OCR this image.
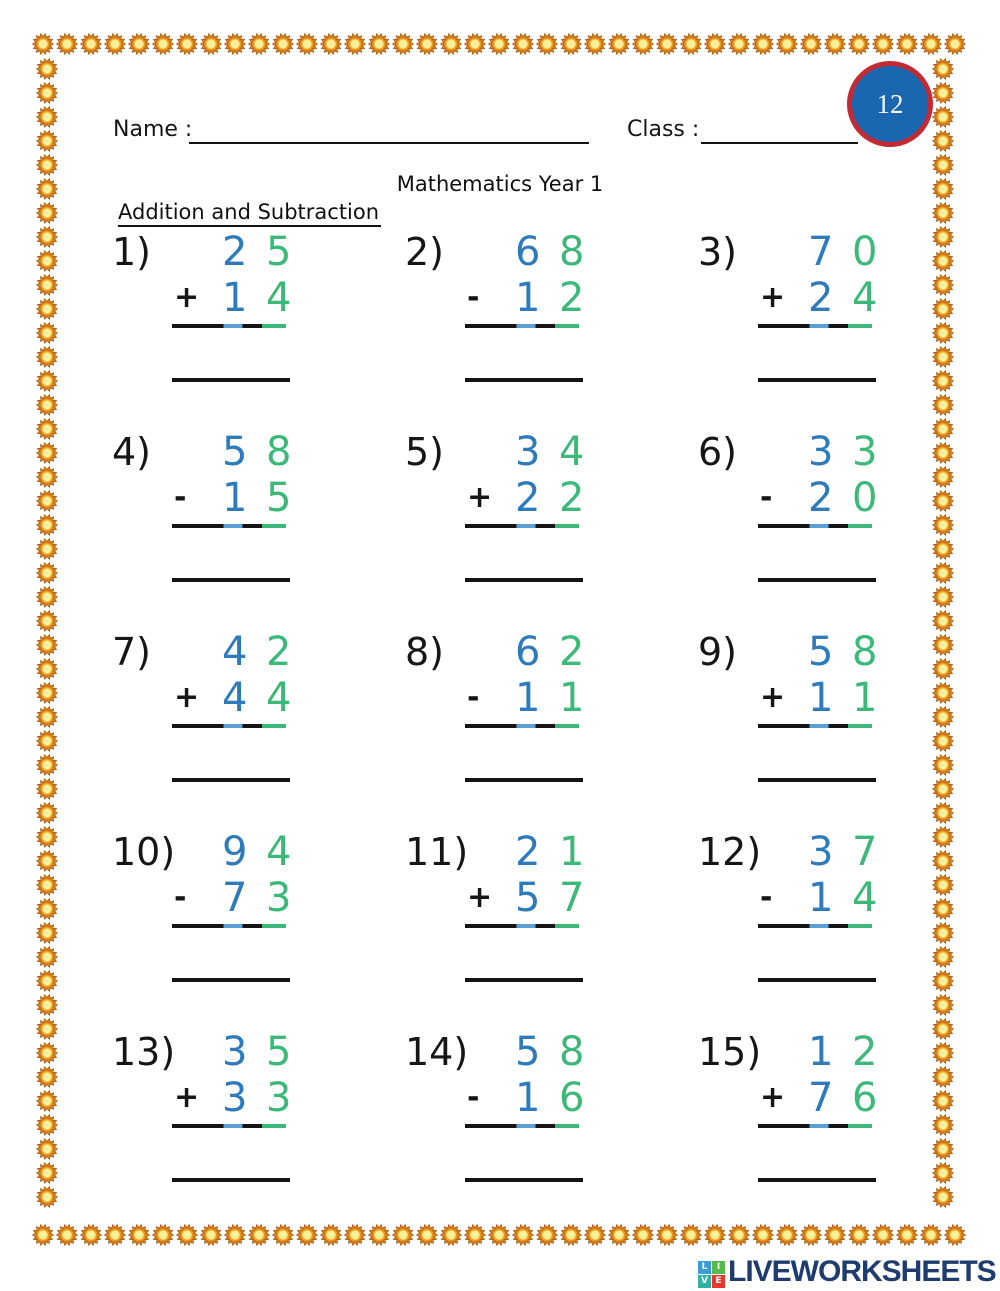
Name :	Class :
12
Mathematics Year 1
Addition and Subtraction
1) 2 5
+ 1 4
2) 6 8
- 1 2
3) 7 0
+ 2 4
4) 5 8
- 1 5
5) 3 4
+ 2 2
6) 3 3
- 2 0
7) 4 2
+ 4 4
8) 6 2
- 1 1
9) 5 8
+ 1 1
10) 9 4
- 7 3
11) 2 1
+ 5 7
12) 3 7
- 1 4
13) 3 5
+ 3 3
14) 5 8
- 1 6
15) 1 2
+ 7 6
L	I
V E LIVEWORKSHEETS
